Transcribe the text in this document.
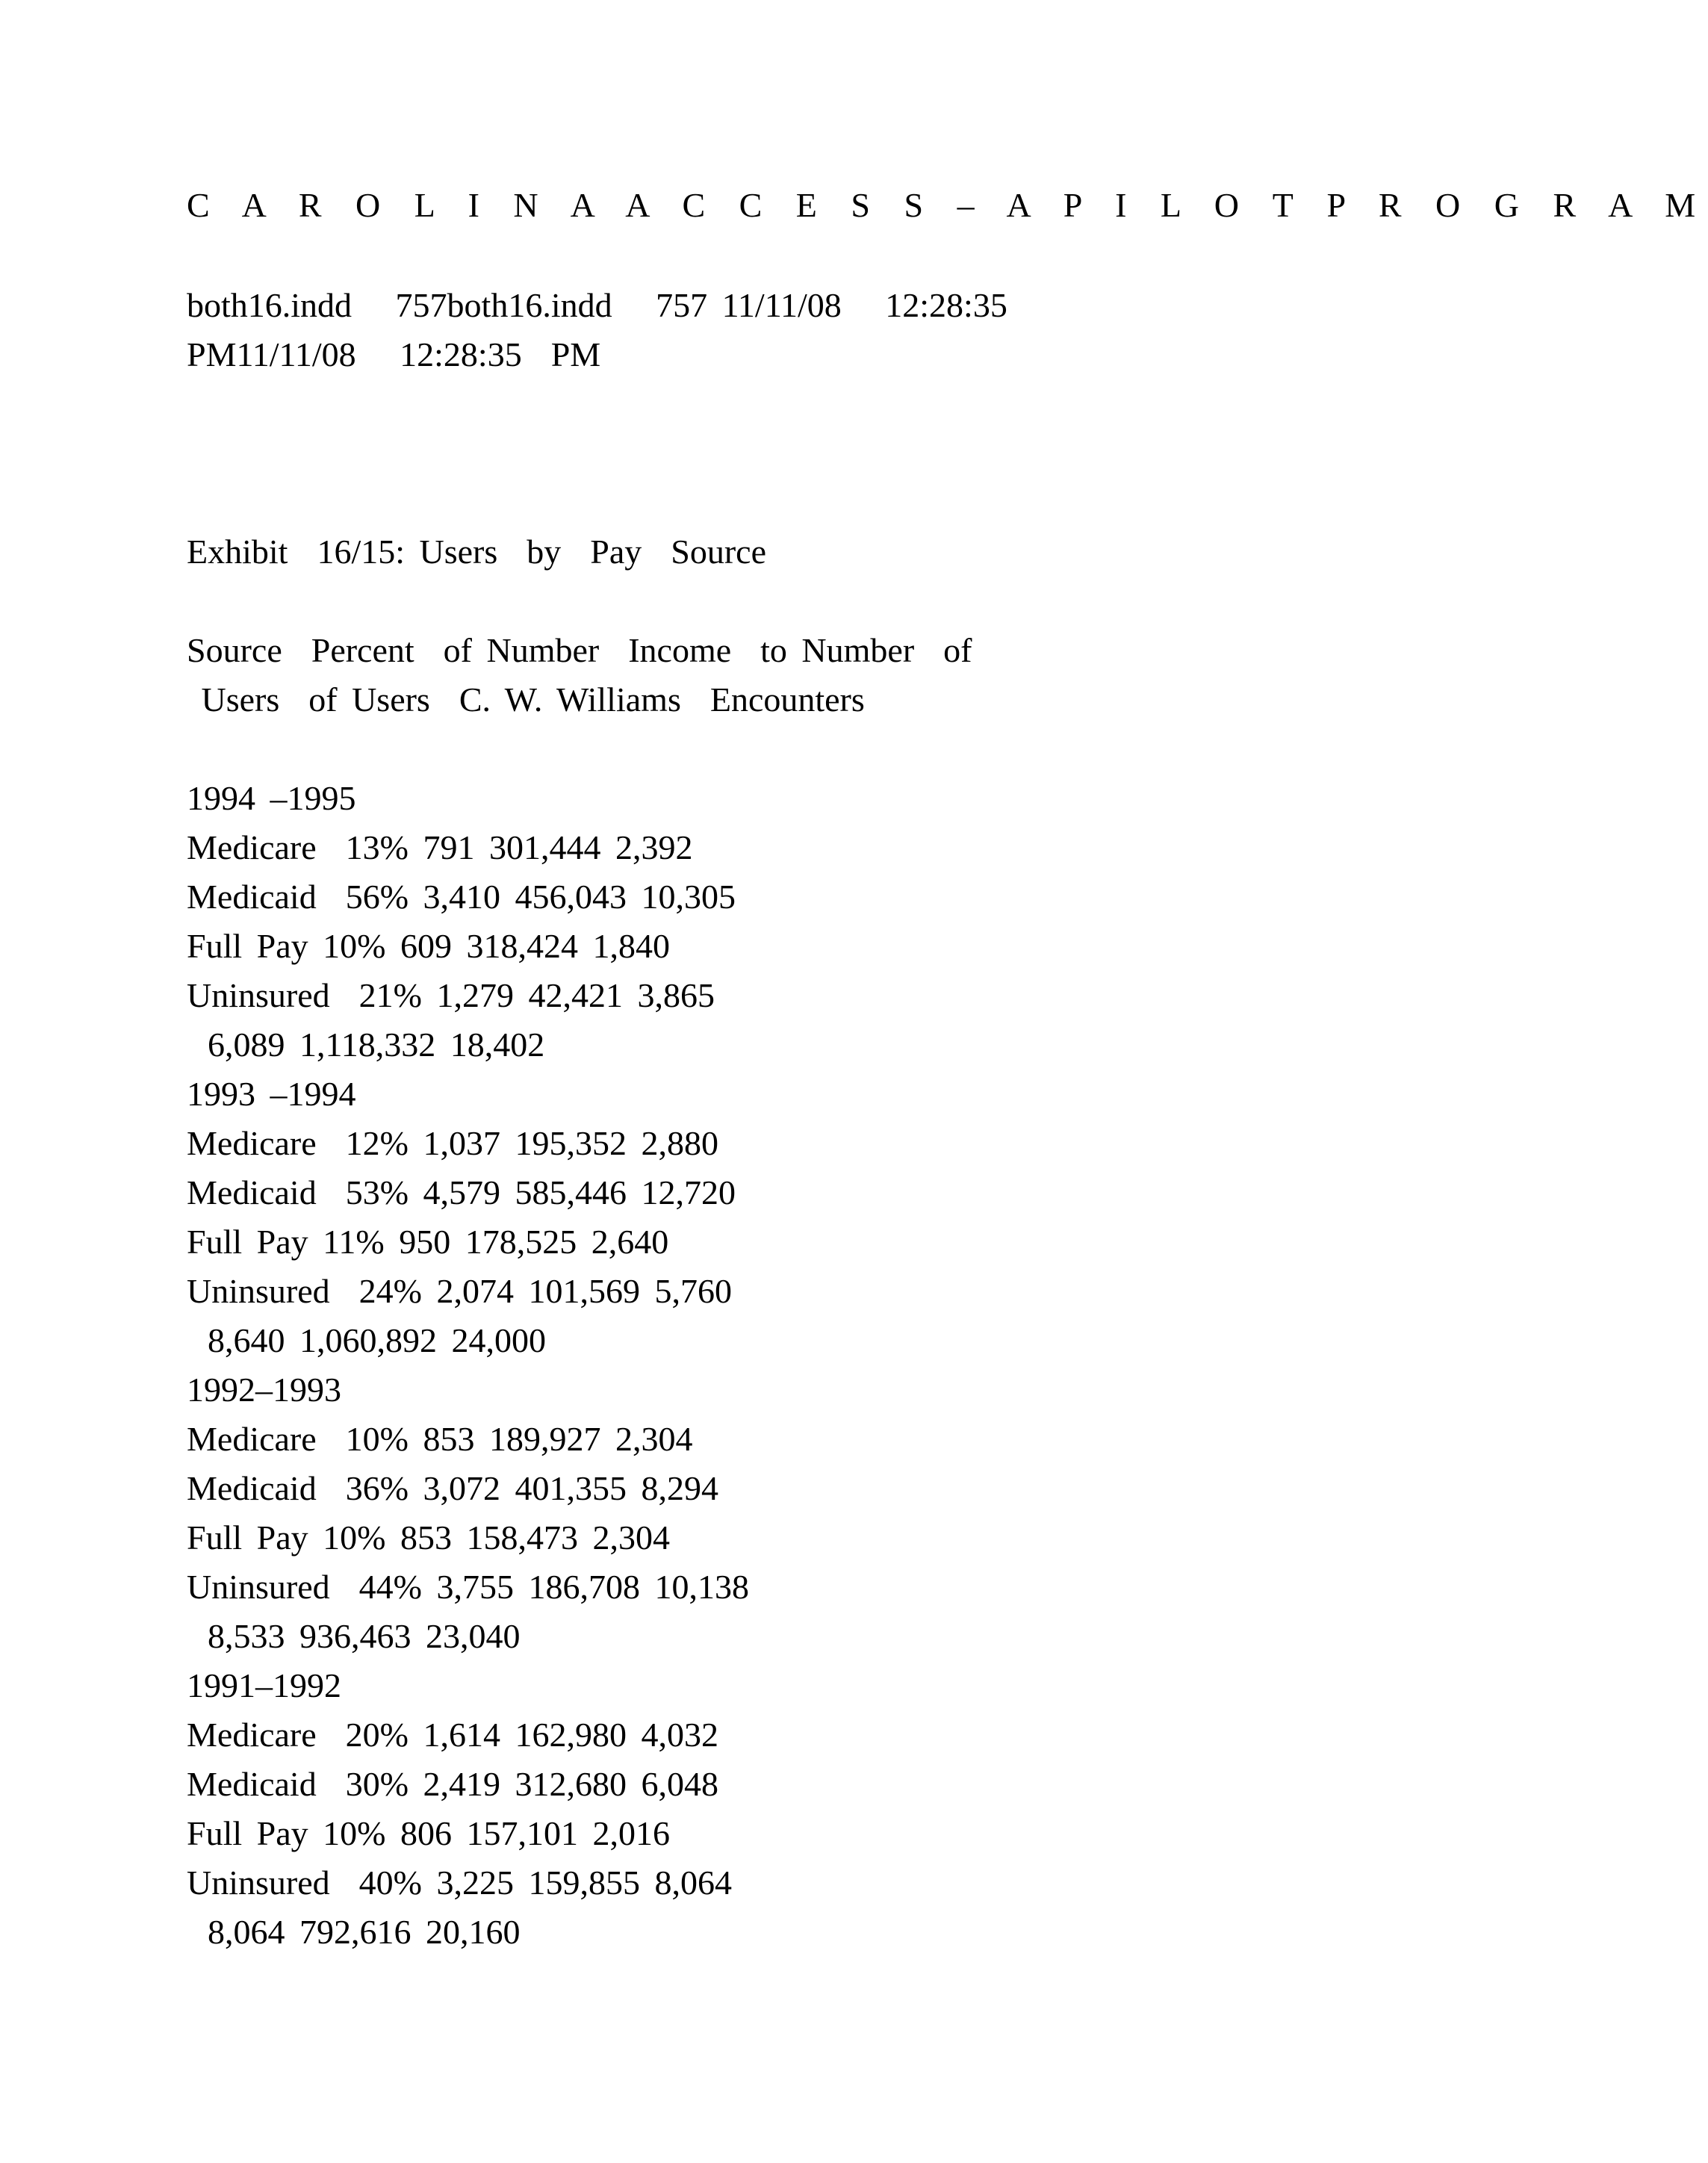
C A R O L I N A A C C E S S – A P I L O T P R O G R A M
both16.indd   757both16.indd   757 11/11/08   12:28:35
PM11/11/08   12:28:35  PM
Exhibit  16/15: Users  by  Pay  Source
Source  Percent  of Number  Income  to Number  of
Users  of Users  C. W. Williams  Encounters
1994 –1995
Medicare  13% 791 301,444 2,392
Medicaid  56% 3,410 456,043 10,305
Full Pay 10% 609 318,424 1,840
Uninsured  21% 1,279 42,421 3,865
6,089 1,118,332 18,402
1993 –1994
Medicare  12% 1,037 195,352 2,880
Medicaid  53% 4,579 585,446 12,720
Full Pay 11% 950 178,525 2,640
Uninsured  24% 2,074 101,569 5,760
8,640 1,060,892 24,000
1992–1993
Medicare  10% 853 189,927 2,304
Medicaid  36% 3,072 401,355 8,294
Full Pay 10% 853 158,473 2,304
Uninsured  44% 3,755 186,708 10,138
8,533 936,463 23,040
1991–1992
Medicare  20% 1,614 162,980 4,032
Medicaid  30% 2,419 312,680 6,048
Full Pay 10% 806 157,101 2,016
Uninsured  40% 3,225 159,855 8,064
8,064 792,616 20,160
